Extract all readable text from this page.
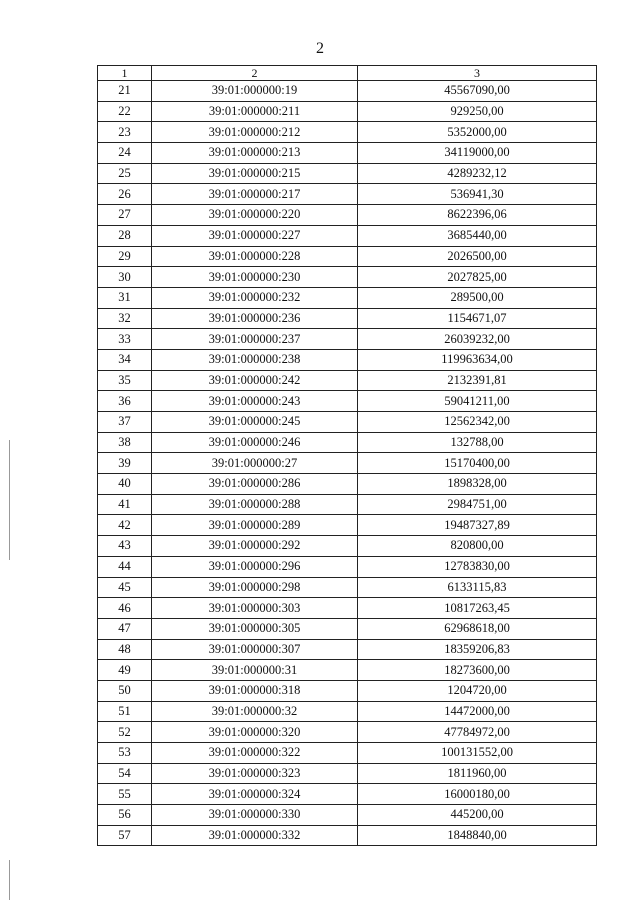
2
1	2	3
21	39:01:000000:19	45567090,00
22	39:01:000000:211	929250,00
23	39:01:000000:212	5352000,00
24	39:01:000000:213	34119000,00
25	39:01:000000:215	4289232,12
26	39:01:000000:217	536941,30
27	39:01:000000:220	8622396,06
28	39:01:000000:227	3685440,00
29	39:01:000000:228	2026500,00
30	39:01:000000:230	2027825,00
31	39:01:000000:232	289500,00
32	39:01:000000:236	1154671,07
33	39:01:000000:237	26039232,00
34	39:01:000000:238	119963634,00
35	39:01:000000:242	2132391,81
36	39:01:000000:243	59041211,00
37	39:01:000000:245	12562342,00
38	39:01:000000:246	132788,00
39	39:01:000000:27	15170400,00
40	39:01:000000:286	1898328,00
41	39:01:000000:288	2984751,00
42	39:01:000000:289	19487327,89
43	39:01:000000:292	820800,00
44	39:01:000000:296	12783830,00
45	39:01:000000:298	6133115,83
46	39:01:000000:303	10817263,45
47	39:01:000000:305	62968618,00
48	39:01:000000:307	18359206,83
49	39:01:000000:31	18273600,00
50	39:01:000000:318	1204720,00
51	39:01:000000:32	14472000,00
52	39:01:000000:320	47784972,00
53	39:01:000000:322	100131552,00
54	39:01:000000:323	1811960,00
55	39:01:000000:324	16000180,00
56	39:01:000000:330	445200,00
57	39:01:000000:332	1848840,00
